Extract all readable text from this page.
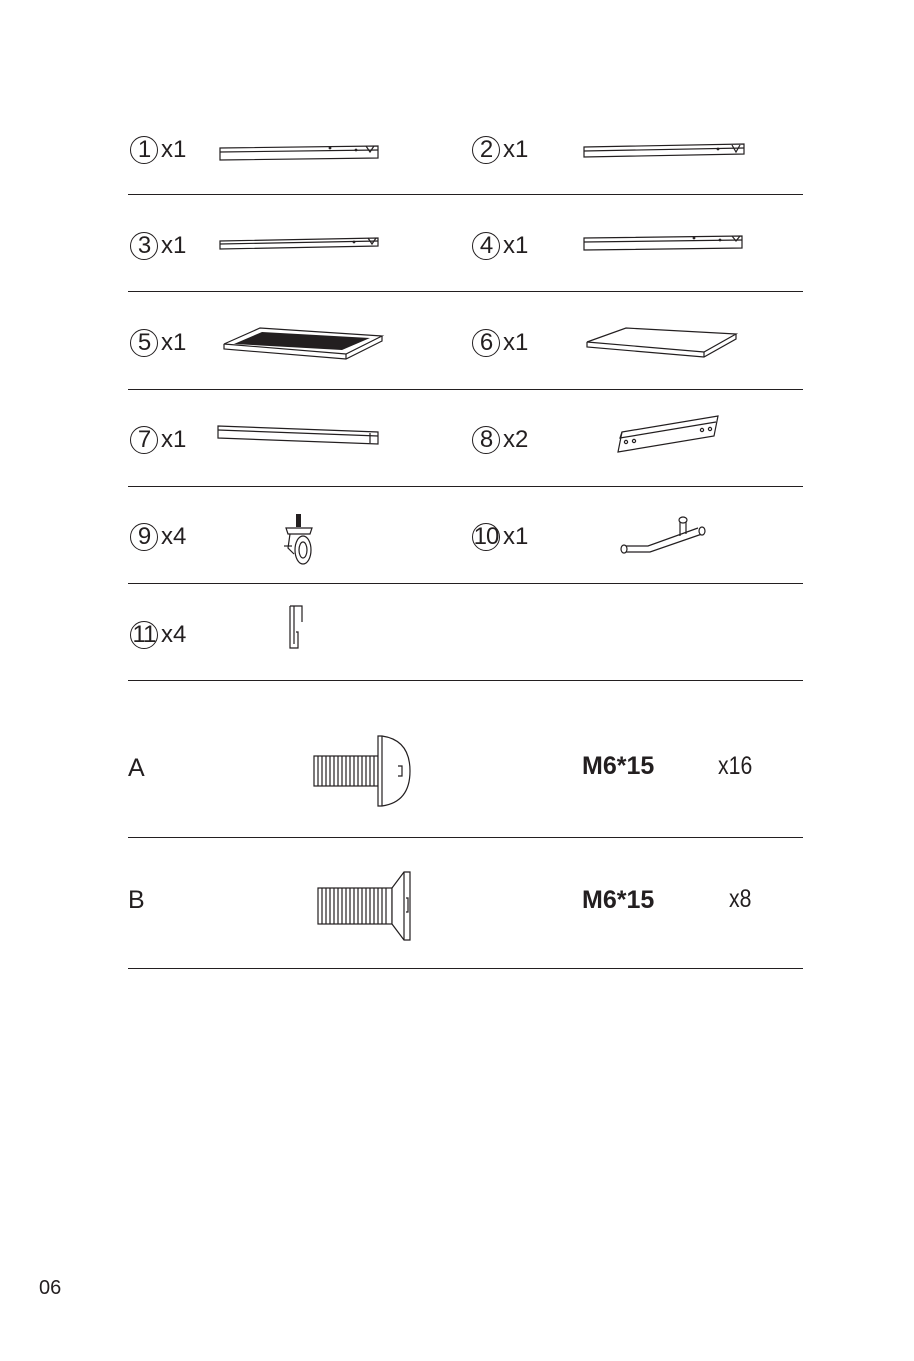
1 x1	2 x1
3 x1	4 x1
5 x1	6 x1
7 x1	8 x2
9 x4	10 x1
11 x4
A	M6*15	x16
B	M6*15	x8
06
